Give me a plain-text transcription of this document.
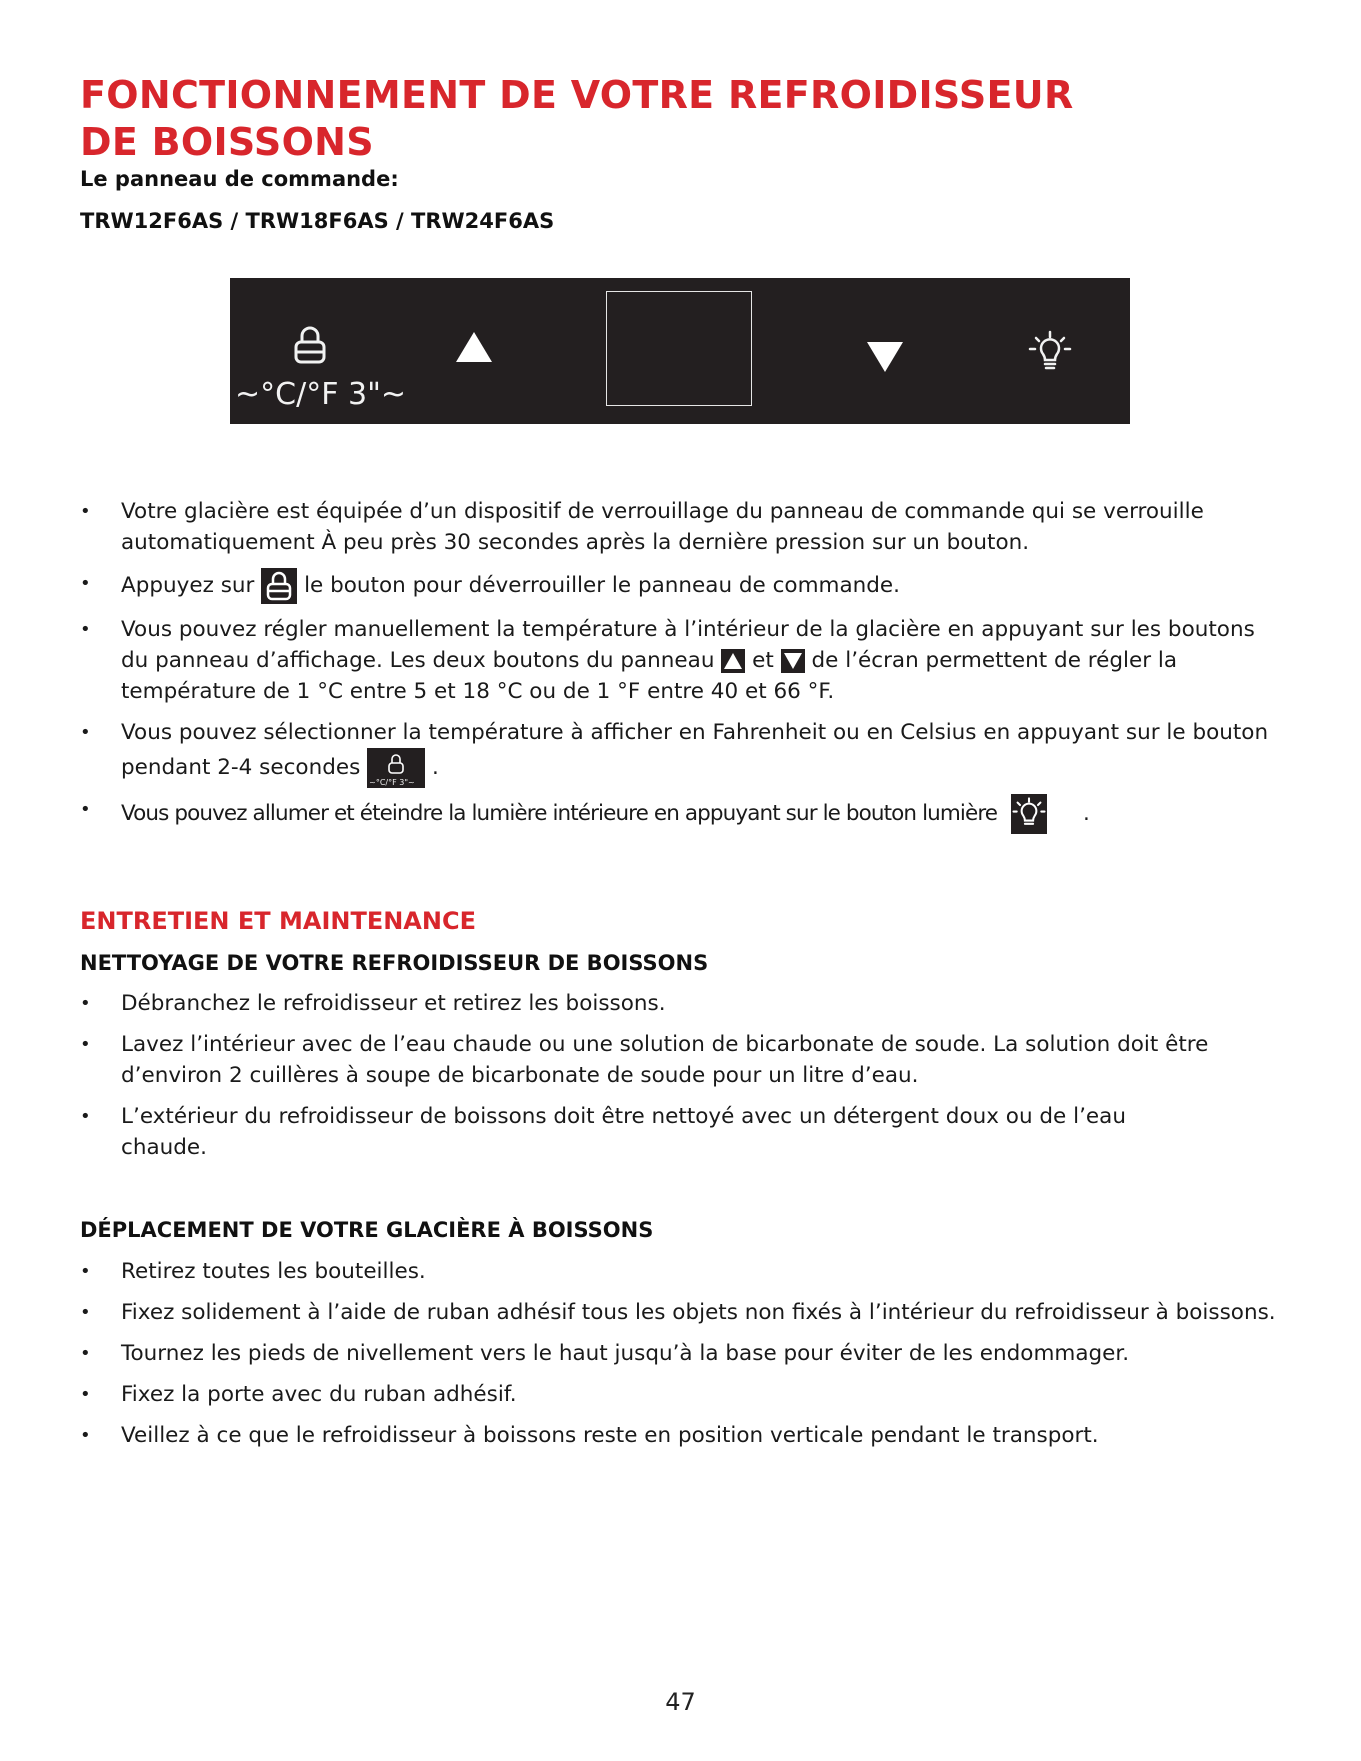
FONCTIONNEMENT DE VOTRE REFROIDISSEUR
DE BOISSONS

Le panneau de commande:

TRW12F6AS / TRW18F6AS / TRW24F6AS

~°C/°F 3"~
• Votre glacière est équipée d’un dispositif de verrouillage du panneau de commande qui se verrouille automatiquement À peu près 30 secondes après la dernière pression sur un bouton.
• Appuyez sur le bouton pour déverrouiller le panneau de commande.
• Vous pouvez régler manuellement la température à l’intérieur de la glacière en appuyant sur les boutons du panneau d’affichage. Les deux boutons du panneau et de l’écran permettent de régler la température de 1 °C entre 5 et 18 °C ou de 1 °F entre 40 et 66 °F.
• Vous pouvez sélectionner la température à afficher en Fahrenheit ou en Celsius en appuyant sur le bouton pendant 2-4 secondes
~°C/°F 3"~
.
• Vous pouvez allumer et éteindre la lumière intérieure en appuyant sur le bouton lumière	.
ENTRETIEN ET MAINTENANCE

NETTOYAGE DE VOTRE REFROIDISSEUR DE BOISSONS

• Débranchez le refroidisseur et retirez les boissons.
• Lavez l’intérieur avec de l’eau chaude ou une solution de bicarbonate de soude. La solution doit être d’environ 2 cuillères à soupe de bicarbonate de soude pour un litre d’eau.
• L’extérieur du refroidisseur de boissons doit être nettoyé avec un détergent doux ou de l’eau chaude.

DÉPLACEMENT DE VOTRE GLACIÈRE À BOISSONS

• Retirez toutes les bouteilles.
• Fixez solidement à l’aide de ruban adhésif tous les objets non fixés à l’intérieur du refroidisseur à boissons.
• Tournez les pieds de nivellement vers le haut jusqu’à la base pour éviter de les endommager.
• Fixez la porte avec du ruban adhésif.
• Veillez à ce que le refroidisseur à boissons reste en position verticale pendant le transport.
47
